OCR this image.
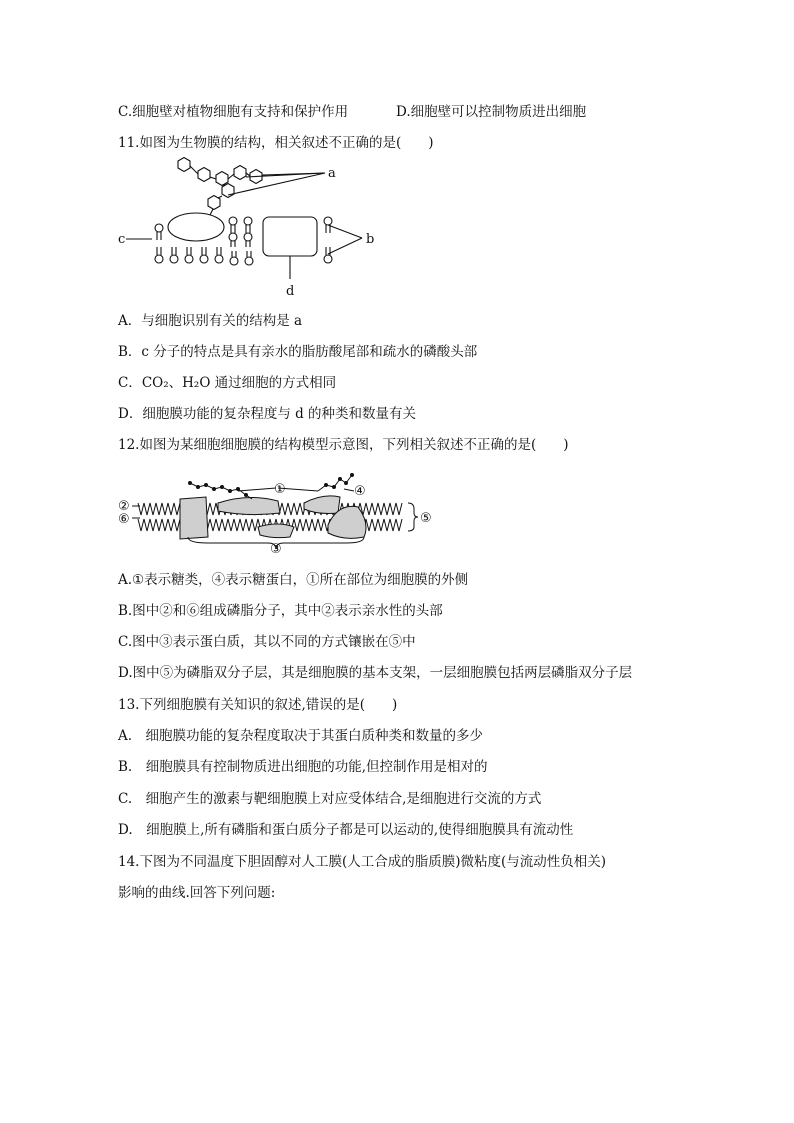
C.细胞壁对植物细胞有支持和保护作用	D.细胞壁可以控制物质进出细胞
11.如图为生物膜的结构，相关叙述不正确的是(　　)
a
b
c
d
A．与细胞识别有关的结构是 a
B．c 分子的特点是具有亲水的脂肪酸尾部和疏水的磷酸头部
C．CO₂、H₂O 通过细胞的方式相同
D．细胞膜功能的复杂程度与 d 的种类和数量有关
12.如图为某细胞细胞膜的结构模型示意图，下列相关叙述不正确的是(　　)
①
②
③
④
⑤
⑥
A.①表示糖类，④表示糖蛋白，①所在部位为细胞膜的外侧
B.图中②和⑥组成磷脂分子，其中②表示亲水性的头部
C.图中③表示蛋白质，其以不同的方式镶嵌在⑤中
D.图中⑤为磷脂双分子层，其是细胞膜的基本支架，一层细胞膜包括两层磷脂双分子层
13.下列细胞膜有关知识的叙述,错误的是(　　)
A.　细胞膜功能的复杂程度取决于其蛋白质种类和数量的多少
B.　细胞膜具有控制物质进出细胞的功能,但控制作用是相对的
C.　细胞产生的激素与靶细胞膜上对应受体结合,是细胞进行交流的方式
D.　细胞膜上,所有磷脂和蛋白质分子都是可以运动的,使得细胞膜具有流动性
14.下图为不同温度下胆固醇对人工膜(人工合成的脂质膜)微粘度(与流动性负相关)
影响的曲线.回答下列问题:
